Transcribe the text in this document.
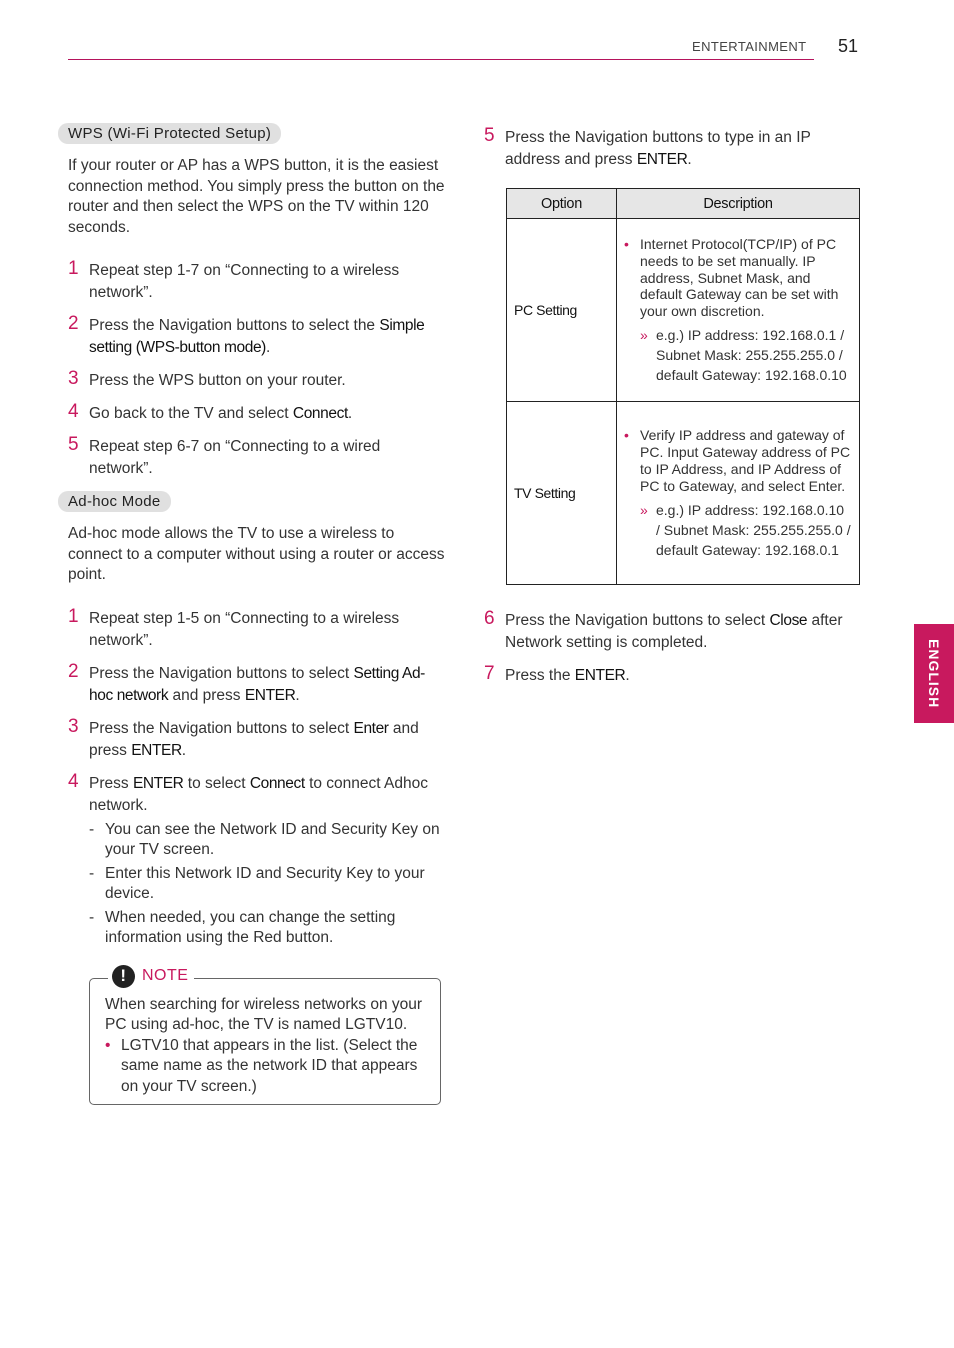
ENTERTAINMENT 51
ENGLISH
WPS (Wi-Fi Protected Setup)

If your router or AP has a WPS button, it is the easiest connection method. You simply press the button on the router and then select the WPS on the TV within 120 seconds.

1 Repeat step 1-7 on “Connecting to a wireless network”.
2 Press the Navigation buttons to select the Simple setting (WPS-button mode).
3 Press the WPS button on your router.
4 Go back to the TV and select Connect.
5 Repeat step 6-7 on “Connecting to a wired network”.
Ad-hoc Mode

Ad-hoc mode allows the TV to use a wireless to connect to a computer without using a router or access point.

1 Repeat step 1-5 on “Connecting to a wireless network”.
2 Press the Navigation buttons to select Setting Ad-hoc network and press ENTER.
3 Press the Navigation buttons to select Enter and press ENTER.
4 Press ENTER to select Connect to connect Adhoc network.
- You can see the Network ID and Security Key on your TV screen.
- Enter this Network ID and Security Key to your device.
- When needed, you can change the setting information using the Red button.
! NOTE

When searching for wireless networks on your PC using ad-hoc, the TV is named LGTV10.

• LGTV10 that appears in the list. (Select the same name as the network ID that appears on your TV screen.)
5 Press the Navigation buttons to type in an IP address and press ENTER.
Option	Description
PC Setting	• Internet Protocol(TCP/IP) of PC needs to be set manually. IP address, Subnet Mask, and default Gateway can be set with your own discretion.
» e.g.) IP address: 192.168.0.1 / Subnet Mask: 255.255.255.0 / default Gateway: 192.168.0.10

TV Setting	• Verify IP address and gateway of PC. Input Gateway address of PC to IP Address, and IP Address of PC to Gateway, and select Enter.
» e.g.) IP address: 192.168.0.10 / Subnet Mask: 255.255.255.0 / default Gateway: 192.168.0.1
6 Press the Navigation buttons to select Close after Network setting is completed.
7 Press the ENTER.
